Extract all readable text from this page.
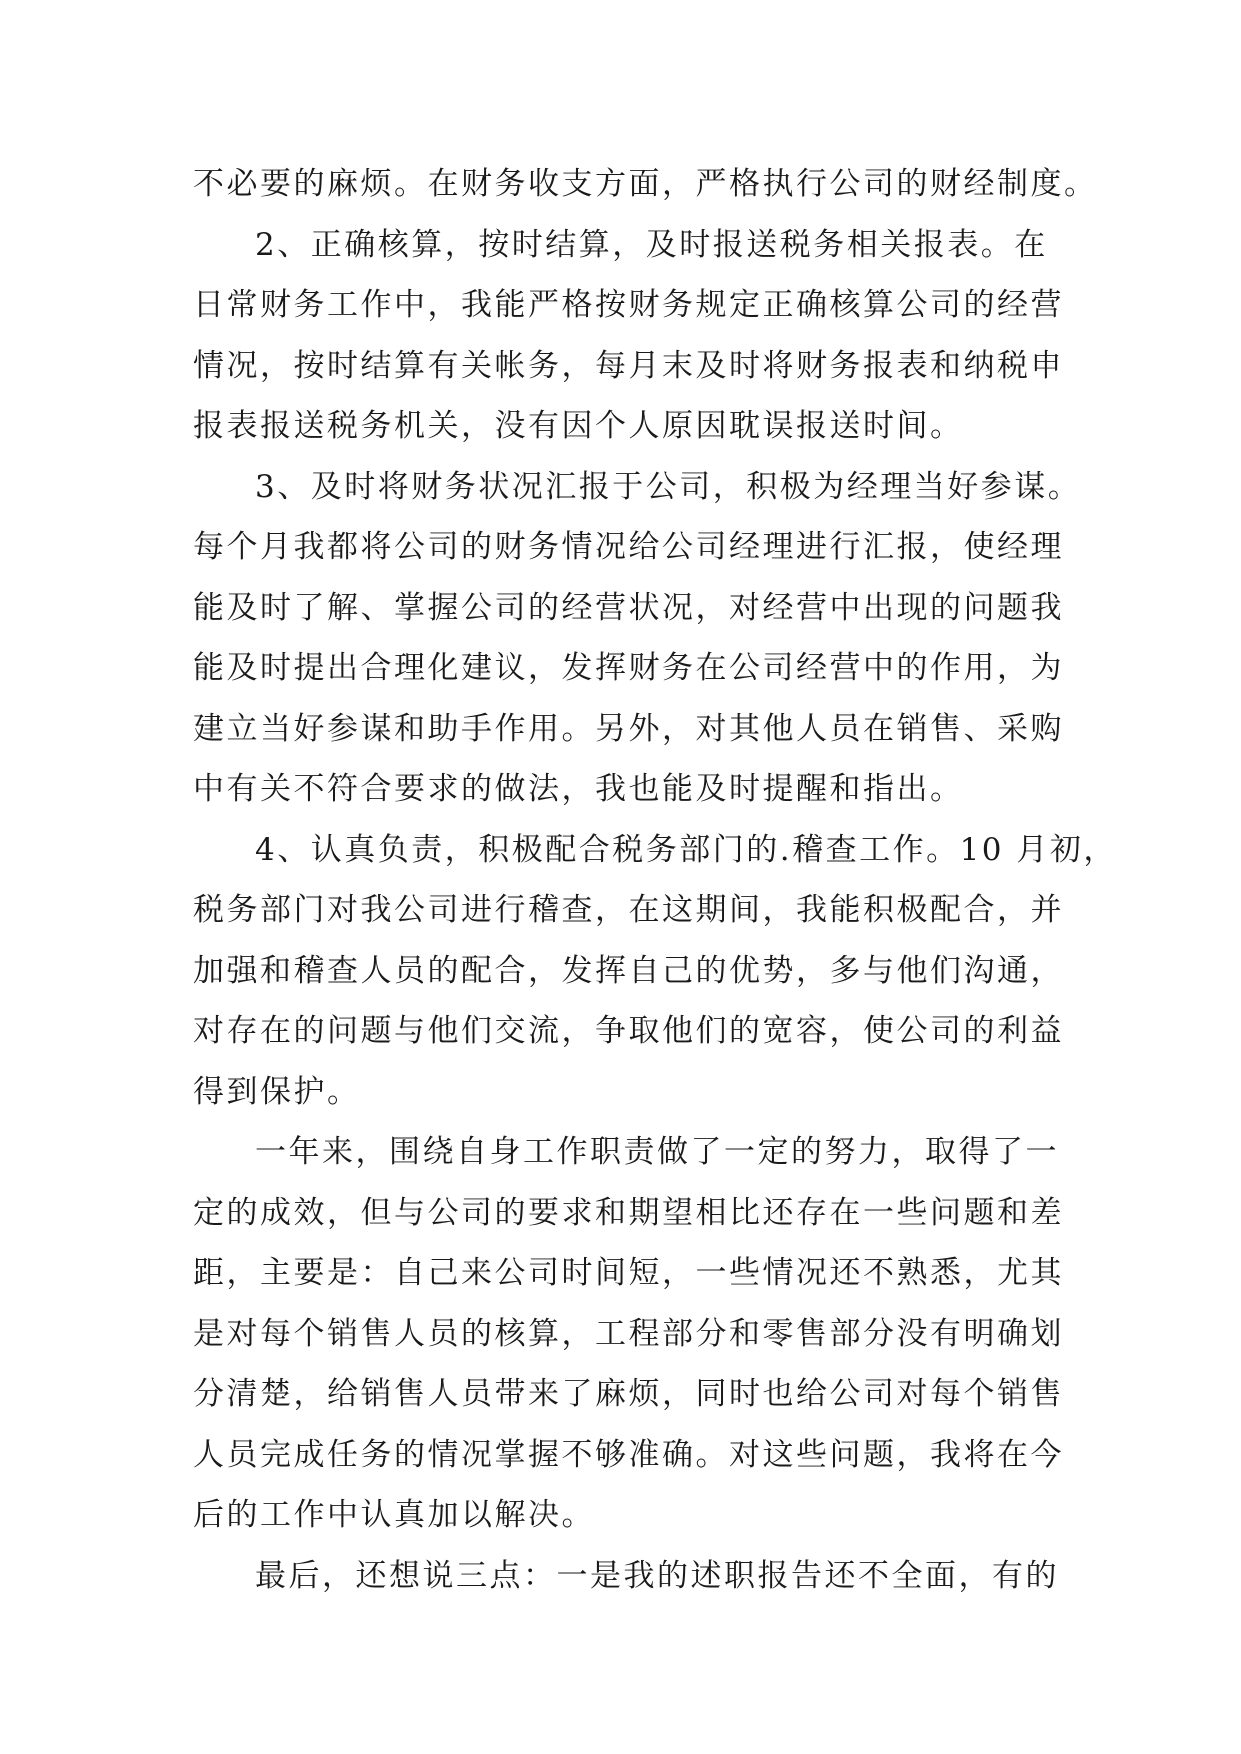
不必要的麻烦。在财务收支方面，严格执行公司的财经制度。
2、正确核算，按时结算，及时报送税务相关报表。在
日常财务工作中，我能严格按财务规定正确核算公司的经营
情况，按时结算有关帐务，每月末及时将财务报表和纳税申
报表报送税务机关，没有因个人原因耽误报送时间。
3、及时将财务状况汇报于公司，积极为经理当好参谋。
每个月我都将公司的财务情况给公司经理进行汇报，使经理
能及时了解、掌握公司的经营状况，对经营中出现的问题我
能及时提出合理化建议，发挥财务在公司经营中的作用，为
建立当好参谋和助手作用。另外，对其他人员在销售、采购
中有关不符合要求的做法，我也能及时提醒和指出。
4、认真负责，积极配合税务部门的.稽查工作。10 月初，
税务部门对我公司进行稽查，在这期间，我能积极配合，并
加强和稽查人员的配合，发挥自己的优势，多与他们沟通，
对存在的问题与他们交流，争取他们的宽容，使公司的利益
得到保护。
一年来，围绕自身工作职责做了一定的努力，取得了一
定的成效，但与公司的要求和期望相比还存在一些问题和差
距，主要是：自己来公司时间短，一些情况还不熟悉，尤其
是对每个销售人员的核算，工程部分和零售部分没有明确划
分清楚，给销售人员带来了麻烦，同时也给公司对每个销售
人员完成任务的情况掌握不够准确。对这些问题，我将在今
后的工作中认真加以解决。
最后，还想说三点：一是我的述职报告还不全面，有的
